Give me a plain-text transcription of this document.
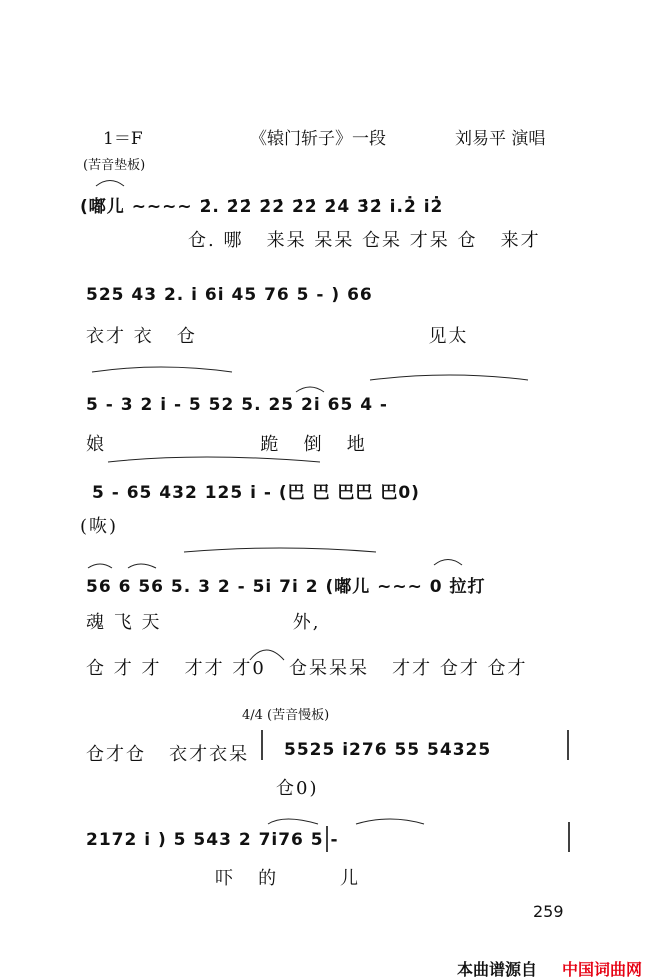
1＝F	《辕门斩子》一段	刘易平 演唱
(苦音垫板)
(嘟儿 ~~~~ 2̇. 2̇2̇ 2̇2̇ 2̇2̇ 2̇4̇ 3̇2̇ i.2̇ i2̇
仓. 哪   来呆 呆呆 仓呆 才呆 仓   来才
525 43 2. i 6i 45 76 5 - ) 66
衣才 衣   仓                              见太
5 - 3 2 i - 5 52 5. 25 2i 65 4 -
娘                    跪   倒   地
5 - 65 432 125 i - (巴 巴 巴巴 巴0)
(咴)
56 6 56 5. 3 2 - 5i 7i 2 (嘟儿 ~~~ 0 拉打
魂 飞 天                 外,
仓 才 才   才才 才0   仓呆呆呆   才才 仓才 仓才
4/4 (苦音慢板)
仓才仓   衣才衣呆 5525 i276 55 54325
仓0)
2172 i ) 5 543 2 7i76 5 -
吓   的        儿
259
本曲谱源自 中国词曲网
